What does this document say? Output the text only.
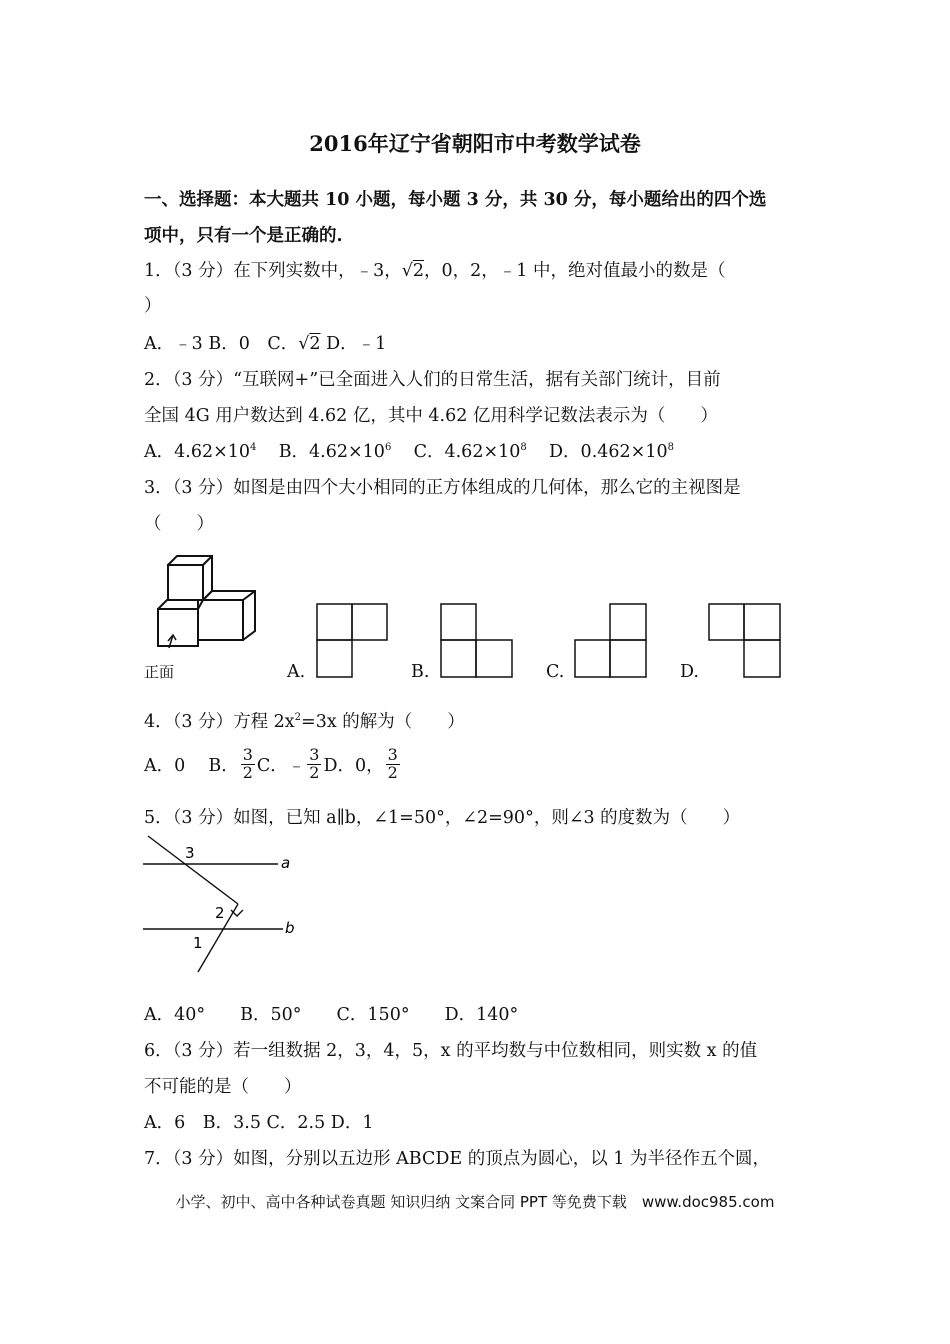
2016年辽宁省朝阳市中考数学试卷
一、选择题：本大题共 10 小题，每小题 3 分，共 30 分，每小题给出的四个选
项中，只有一个是正确的.
1．（3 分）在下列实数中，﹣3，√2，0，2，﹣1 中，绝对值最小的数是（
）
A．﹣3 B．0　C．√2 D．﹣1
2．（3 分）“互联网+”已全面进入人们的日常生活，据有关部门统计，目前
全国 4G 用户数达到 4.62 亿，其中 4.62 亿用科学记数法表示为（　　）
A．$4.62\times 10^4$ B．$4.62\times 10^6$ C．$4.62\times 10^8$ D．$0.462\times 10^8$
3．（3 分）如图是由四个大小相同的正方体组成的几何体，那么它的主视图是
（　　）
正面	A.	B.	C.	D.
4．（3 分）方程 $2x^2=3x$ 的解为（　　）
A．0　 B． $\frac{3}{2}$ C． ﹣ $\frac{3}{2}$ D．0， $\frac{3}{2}$
5．（3 分）如图，已知 a∥b，∠1=50°，∠2=90°，则∠3 的度数为（　　）
3
a
2
b
1
A．40°　　B．50°　　C．150°　　D．140°
6．（3 分）若一组数据 2，3，4，5，x 的平均数与中位数相同，则实数 x 的值
不可能的是（　　）
A．6　B．3.5 C．2.5 D．1
7．（3 分）如图，分别以五边形 ABCDE 的顶点为圆心，以 1 为半径作五个圆，
小学、初中、高中各种试卷真题 知识归纳 文案合同 PPT 等免费下载　www.doc985.com
